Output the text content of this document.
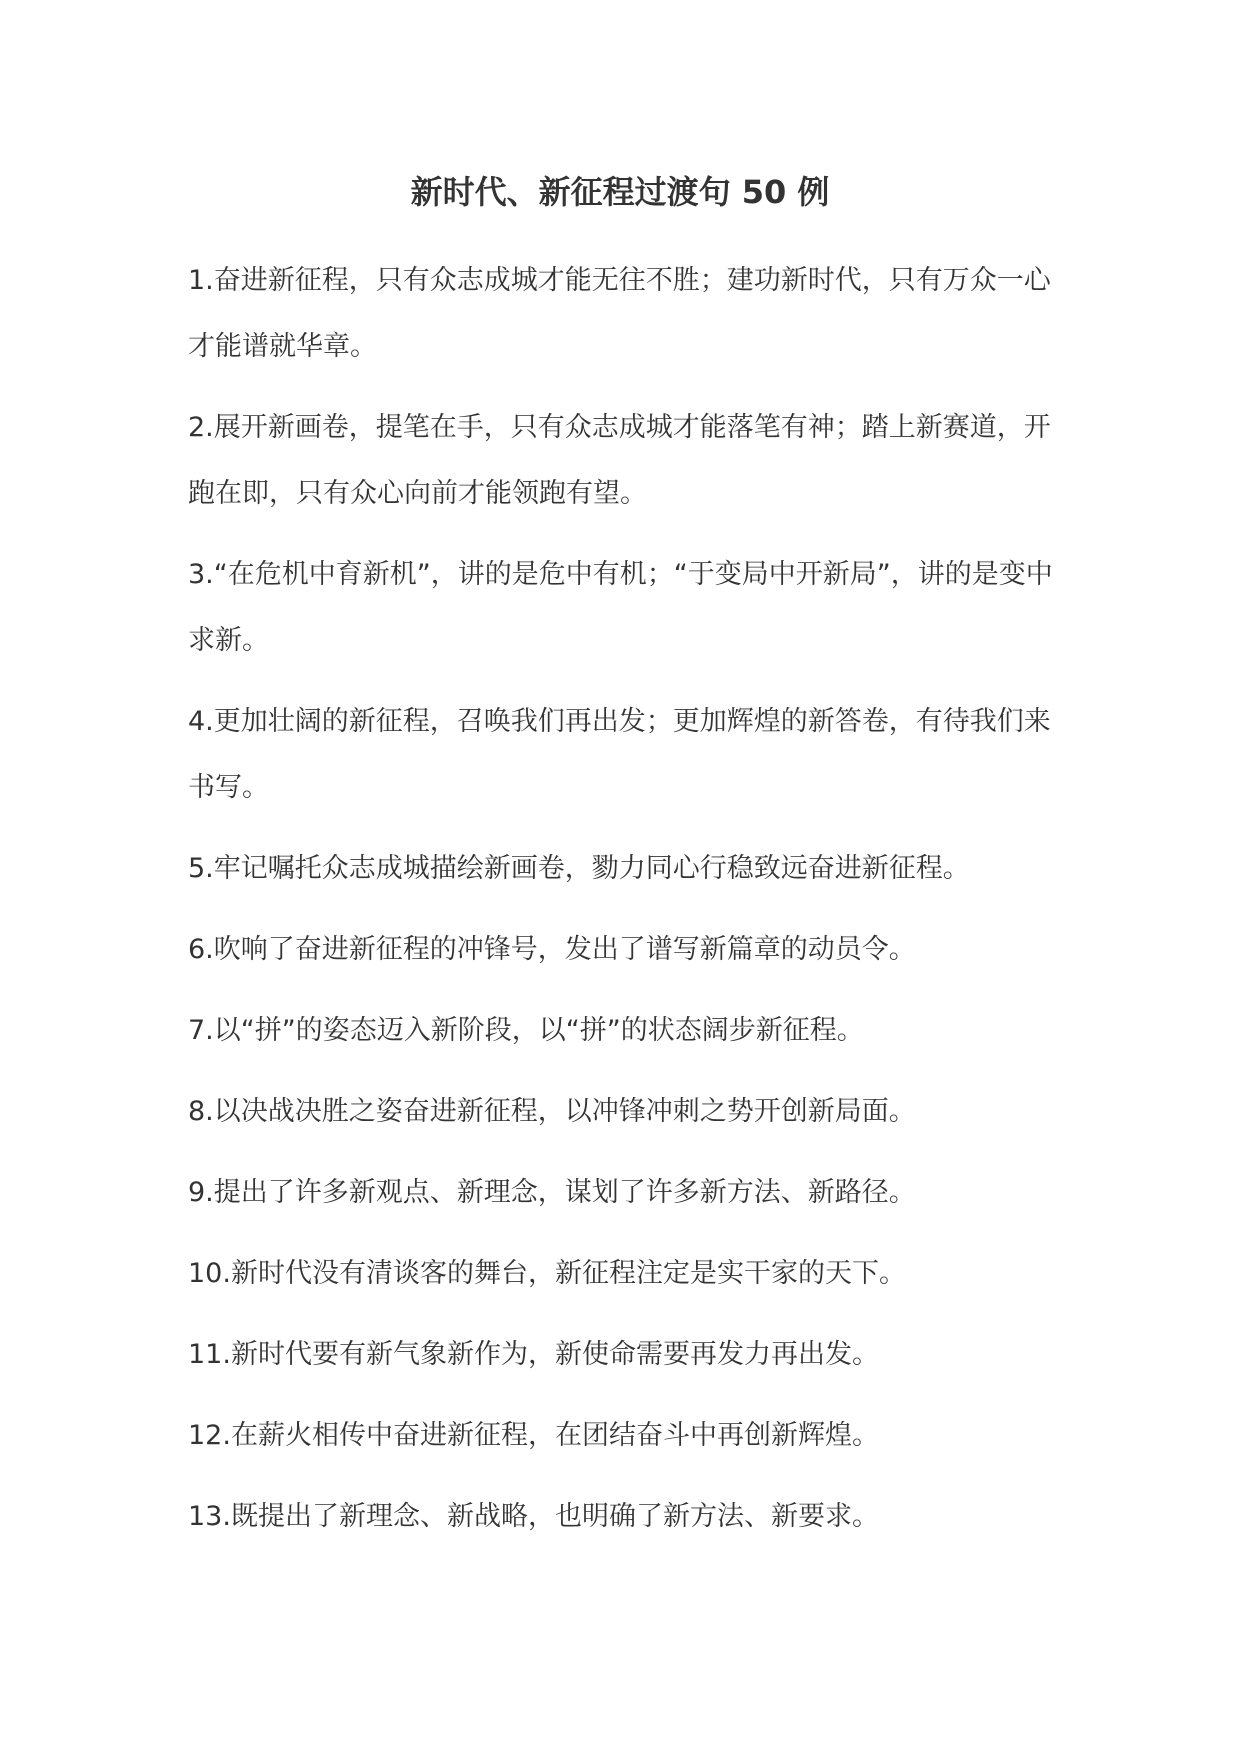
新时代、新征程过渡句 50 例

1.奋进新征程，只有众志成城才能无往不胜；建功新时代，只有万众一心才能谱就华章。

2.展开新画卷，提笔在手，只有众志成城才能落笔有神；踏上新赛道，开跑在即，只有众心向前才能领跑有望。

3.“在危机中育新机”，讲的是危中有机；“于变局中开新局”，讲的是变中求新。

4.更加壮阔的新征程，召唤我们再出发；更加辉煌的新答卷，有待我们来书写。

5.牢记嘱托众志成城描绘新画卷，勠力同心行稳致远奋进新征程。

6.吹响了奋进新征程的冲锋号，发出了谱写新篇章的动员令。

7.以“拼”的姿态迈入新阶段，以“拼”的状态阔步新征程。

8.以决战决胜之姿奋进新征程，以冲锋冲刺之势开创新局面。

9.提出了许多新观点、新理念，谋划了许多新方法、新路径。

10.新时代没有清谈客的舞台，新征程注定是实干家的天下。

11.新时代要有新气象新作为，新使命需要再发力再出发。

12.在薪火相传中奋进新征程，在团结奋斗中再创新辉煌。

13.既提出了新理念、新战略，也明确了新方法、新要求。
